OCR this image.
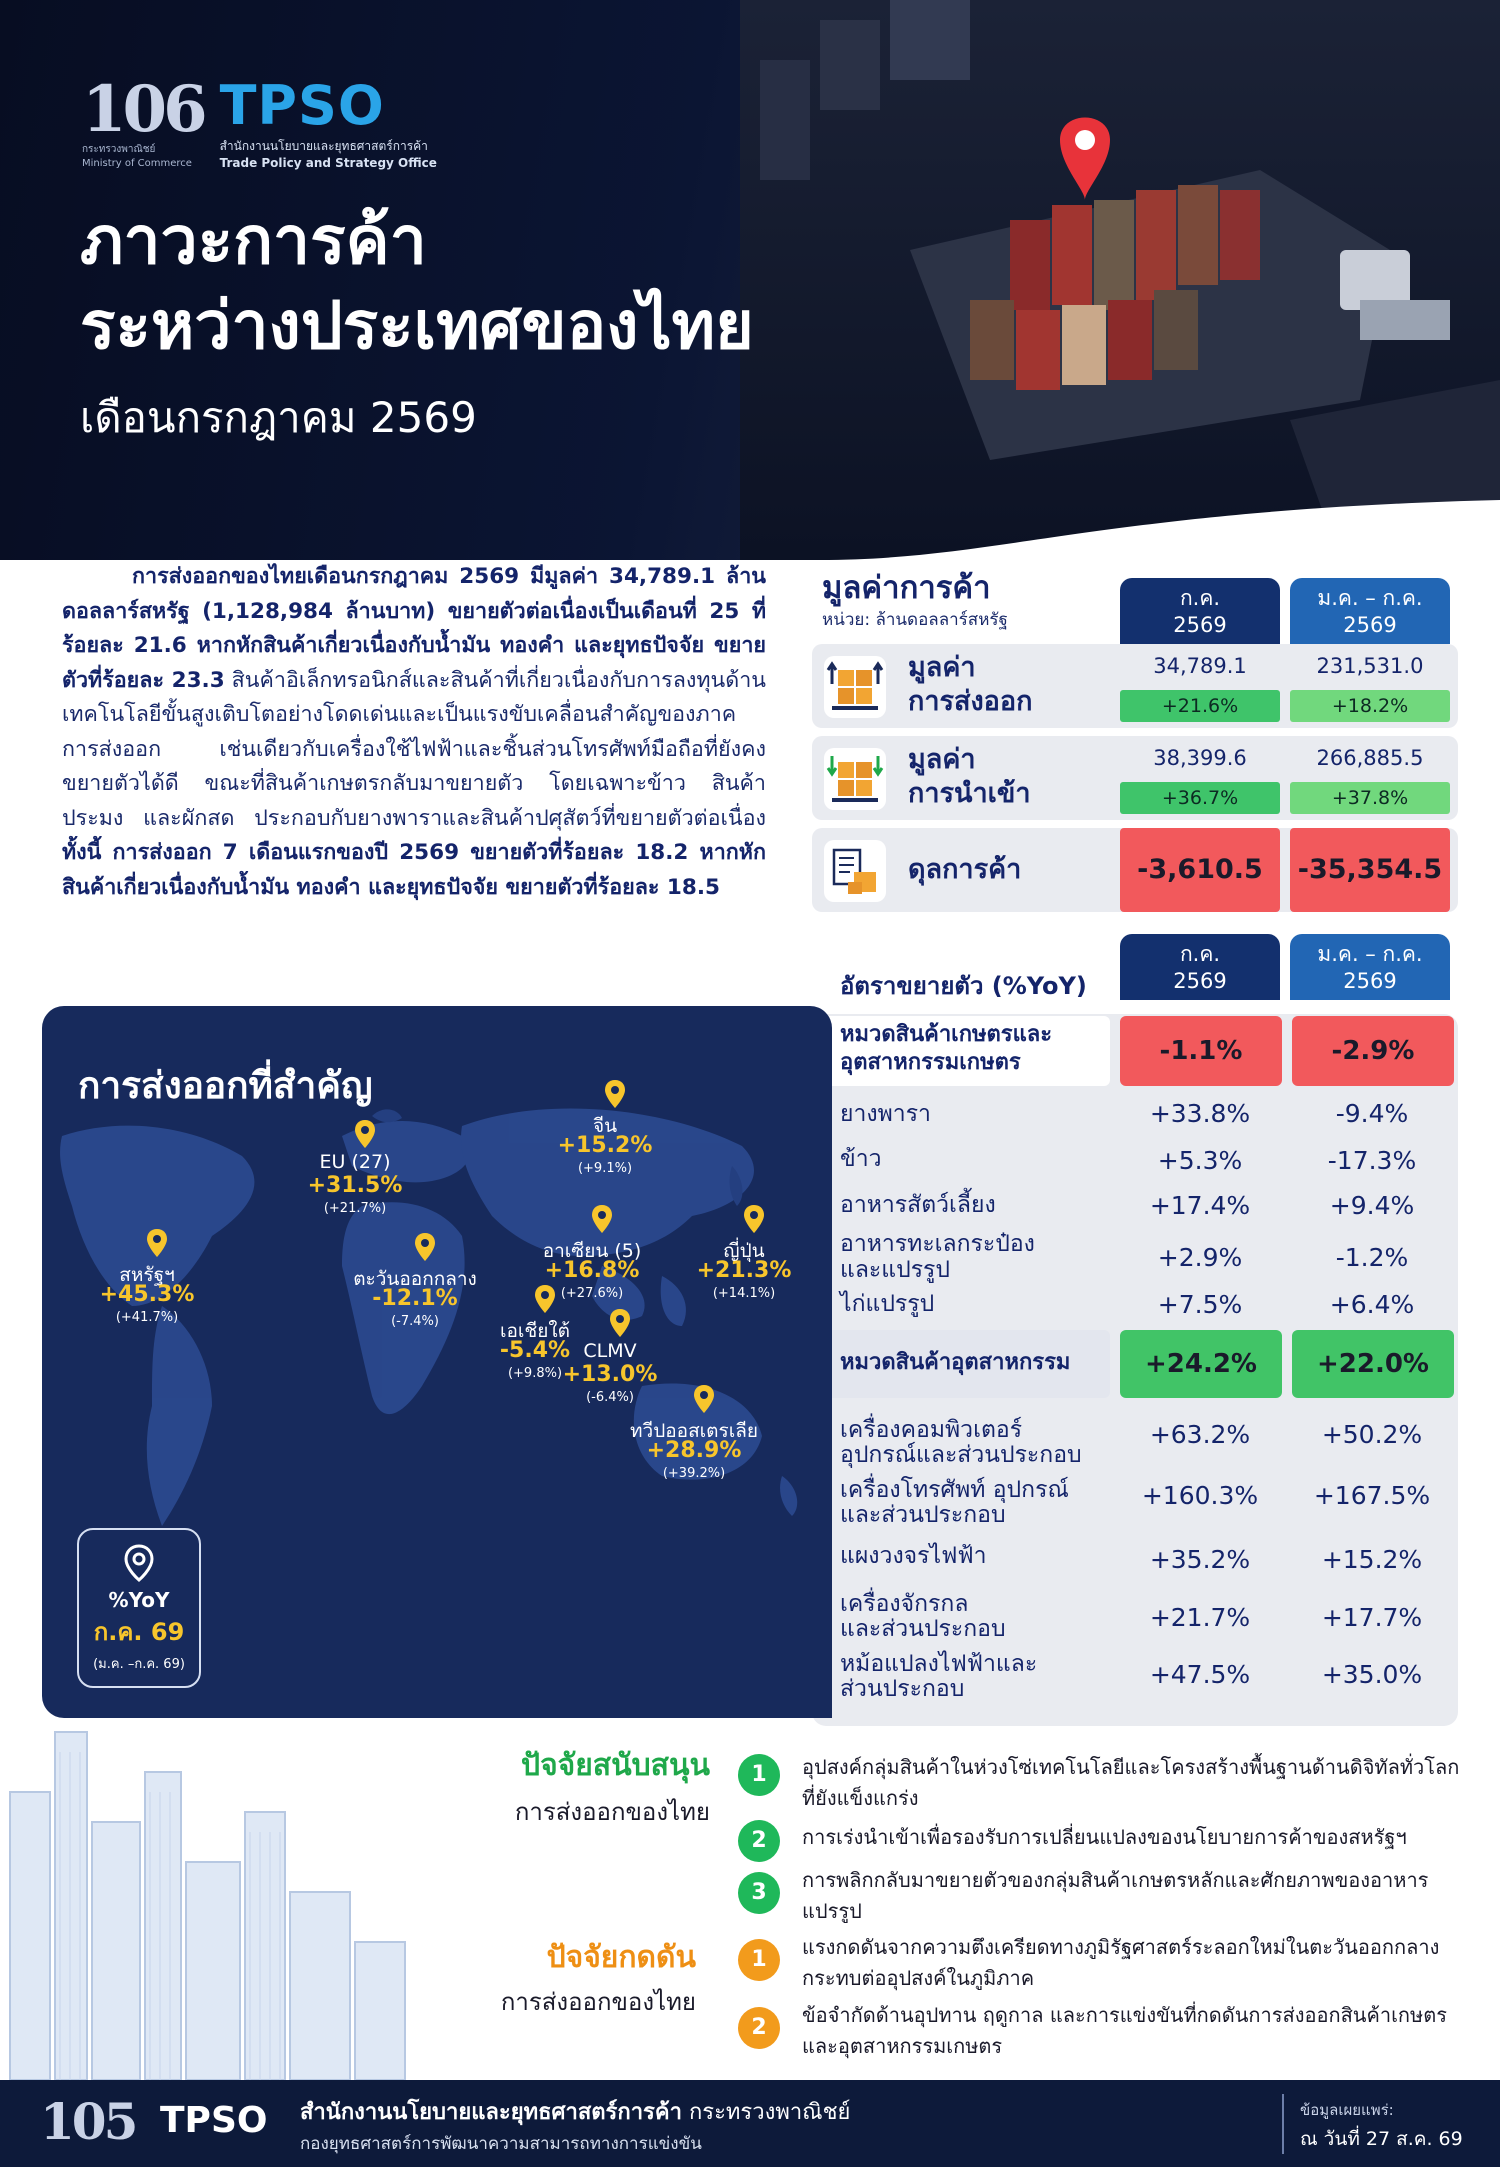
106
กระทรวงพาณิชย์
Ministry of Commerce
TPSO
สำนักงานนโยบายและยุทธศาสตร์การค้า
Trade Policy and Strategy Office
ภาวะการค้า
ระหว่างประเทศของไทย
เดือนกรกฎาคม 2569
การส่งออกของไทยเดือนกรกฎาคม 2569 มีมูลค่า 34,789.1 ล้านดอลลาร์สหรัฐ (1,128,984 ล้านบาท) ขยายตัวต่อเนื่องเป็นเดือนที่ 25 ที่ร้อยละ 21.6 หากหักสินค้าเกี่ยวเนื่องกับน้ำมัน ทองคำ และยุทธปัจจัย ขยายตัวที่ร้อยละ 23.3 สินค้าอิเล็กทรอนิกส์และสินค้าที่เกี่ยวเนื่องกับการลงทุนด้านเทคโนโลยีขั้นสูงเติบโตอย่างโดดเด่นและเป็นแรงขับเคลื่อนสำคัญของภาคการส่งออก เช่นเดียวกับเครื่องใช้ไฟฟ้าและชิ้นส่วนโทรศัพท์มือถือที่ยังคงขยายตัวได้ดี ขณะที่สินค้าเกษตรกลับมาขยายตัว โดยเฉพาะข้าว สินค้าประมง และผักสด ประกอบกับยางพาราและสินค้าปศุสัตว์ที่ขยายตัวต่อเนื่อง ทั้งนี้ การส่งออก 7 เดือนแรกของปี 2569 ขยายตัวที่ร้อยละ 18.2 หากหักสินค้าเกี่ยวเนื่องกับน้ำมัน ทองคำ และยุทธปัจจัย ขยายตัวที่ร้อยละ 18.5
มูลค่าการค้า
หน่วย: ล้านดอลลาร์สหรัฐ
ก.ค.
2569
ม.ค. – ก.ค.
2569
มูลค่า
การส่งออก
34,789.1	231,531.0
+21.6%	+18.2%
มูลค่า
การนำเข้า
38,399.6	266,885.5
+36.7%	+37.8%
ดุลการค้า	-3,610.5	-35,354.5
อัตราขยายตัว (%YoY)
ก.ค.
2569
ม.ค. – ก.ค.
2569
หมวดสินค้าเกษตรและ
อุตสาหกรรมเกษตร	-1.1%	-2.9%
ยางพารา	+33.8%	-9.4%
ข้าว	+5.3%	-17.3%
อาหารสัตว์เลี้ยง	+17.4%	+9.4%
อาหารทะเลกระป๋อง
และแปรรูป	+2.9%	-1.2%
ไก่แปรรูป	+7.5%	+6.4%
หมวดสินค้าอุตสาหกรรม	+24.2%	+22.0%
เครื่องคอมพิวเตอร์
อุปกรณ์และส่วนประกอบ
+63.2%	+50.2%
เครื่องโทรศัพท์ อุปกรณ์
และส่วนประกอบ
+160.3%	+167.5%
แผงวงจรไฟฟ้า	+35.2%	+15.2%
เครื่องจักรกล
และส่วนประกอบ	+21.7%	+17.7%
หม้อแปลงไฟฟ้าและ
ส่วนประกอบ	+47.5%	+35.0%
การส่งออกที่สำคัญ
สหรัฐฯ
+45.3%
(+41.7%)
EU (27)
+31.5%
(+21.7%)
ตะวันออกกลาง
-12.1%
(-7.4%)
จีน
+15.2%
(+9.1%)
อาเซียน (5)
+16.8%
(+27.6%)
ญี่ปุ่น
+21.3%
(+14.1%)
เอเชียใต้
-5.4%
(+9.8%)
CLMV
+13.0%
(-6.4%)
ทวีปออสเตรเลีย
+28.9%
(+39.2%)
%YoY
ก.ค. 69
(ม.ค. –ก.ค. 69)
ปัจจัยสนับสนุน
การส่งออกของไทย
ปัจจัยกดดัน
การส่งออกของไทย
1	อุปสงค์กลุ่มสินค้าในห่วงโซ่เทคโนโลยีและโครงสร้างพื้นฐานด้านดิจิทัลทั่วโลกที่ยังแข็งแกร่ง
2	การเร่งนำเข้าเพื่อรองรับการเปลี่ยนแปลงของนโยบายการค้าของสหรัฐฯ
3	การพลิกกลับมาขยายตัวของกลุ่มสินค้าเกษตรหลักและศักยภาพของอาหารแปรรูป
1	แรงกดดันจากความตึงเครียดทางภูมิรัฐศาสตร์ระลอกใหม่ในตะวันออกกลางกระทบต่ออุปสงค์ในภูมิภาค
2	ข้อจำกัดด้านอุปทาน ฤดูกาล และการแข่งขันที่กดดันการส่งออกสินค้าเกษตรและอุตสาหกรรมเกษตร
105 TPSO สำนักงานนโยบายและยุทธศาสตร์การค้า กระทรวงพาณิชย์
กองยุทธศาสตร์การพัฒนาความสามารถทางการแข่งขัน
ข้อมูลเผยแพร่:
ณ วันที่ 27 ส.ค. 69
